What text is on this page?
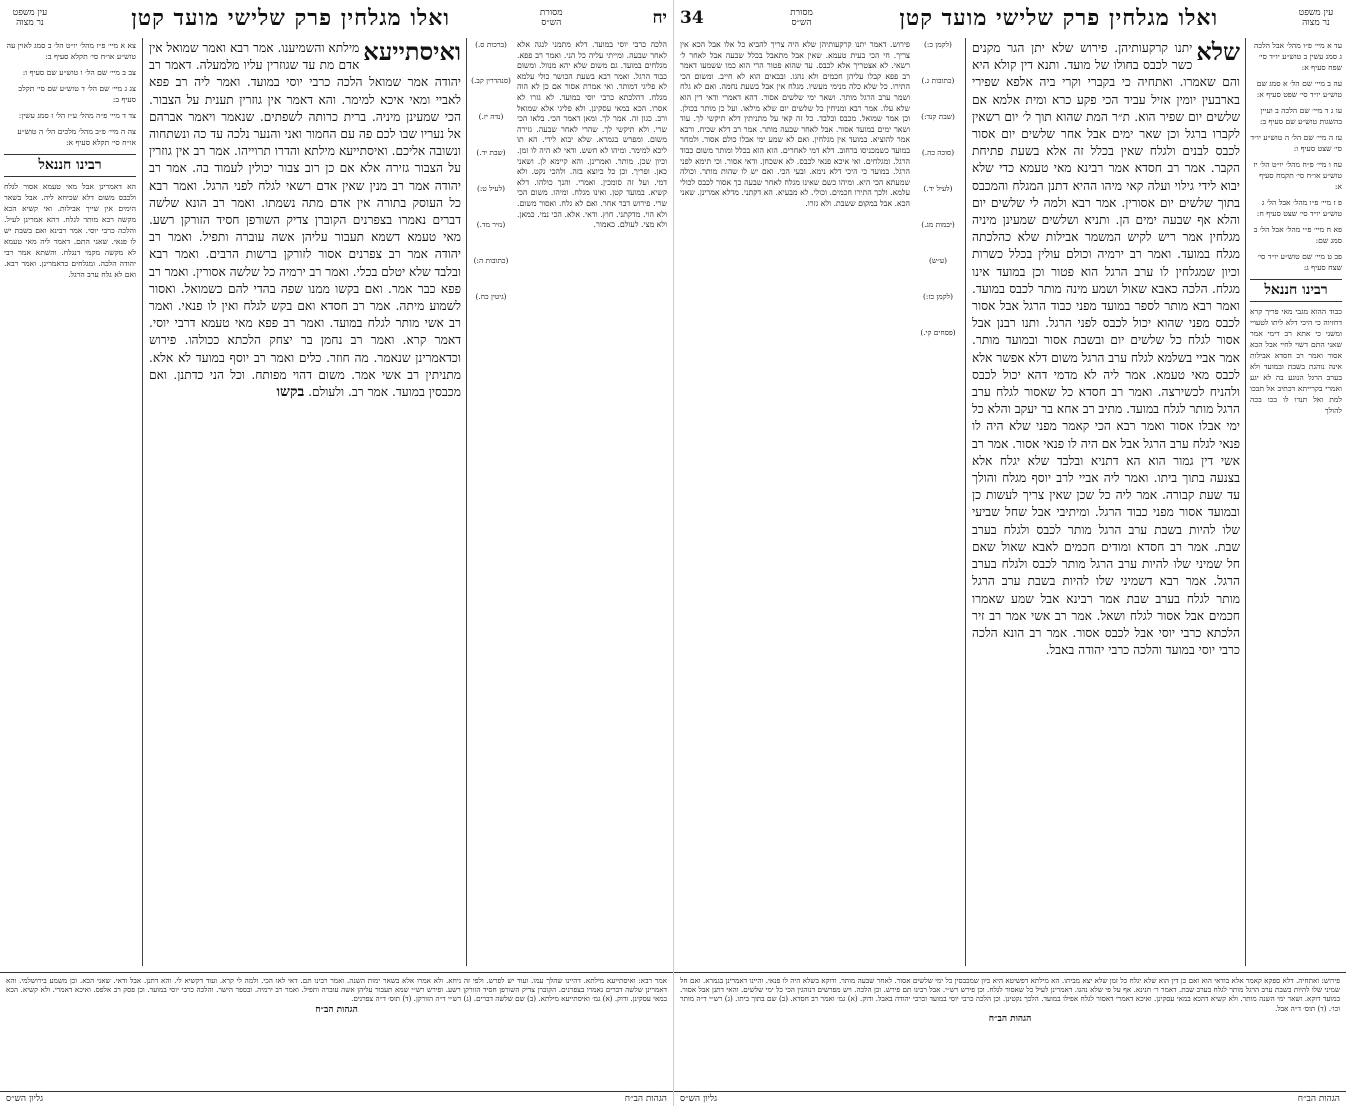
עין משפט
נר מצוה
ואלו מגלחין פרק שלישי מועד קטן
מסורת
הש״ס
34
עד א מיי׳ פ״ו מהל׳ אבל הלכה ג סמג עשין ב טוש״ע יו״ד סי׳ שפח סעיף א:
עה ב מיי׳ שם הל׳ א סמג שם טוש״ע יו״ד סי׳ שפט סעיף א:
עו ג ד מיי׳ שם הלכה ב ועיין בהשגות טוש״ע שם סעיף ב:
עז ה מיי׳ שם הל׳ ה טוש״ע יו״ד סי׳ שצט סעיף ו:
עח ו מיי׳ פ״ח מהל׳ יו״ט הל׳ יז טוש״ע או״ח סי׳ תקמח סעיף א:
פ ז מיי׳ פ״ו מהל׳ אבל הל׳ ג טוש״ע יו״ד סי׳ שצט סעיף ח:
פא ח מיי׳ פ״י מהל׳ אבל הל׳ ב סמג שם:
פב ט מיי׳ שם טוש״ע יו״ד סי׳ שצח סעיף ג:
רבינו חננאל
כבוד ההוא מגבי מאי פריך קרא דחזיוה כי היכי דלא ליתו לטעויי ומשני כי אתא רב דימי אמר שאני התם דשוי לחיי אבל הכא אסור ואמר רב חסדא אבילות אינה נוהגת בשבת ובמועד ולא בערב הרגל הנוגע בה לא יגע ואמרי בקרייתא דכתיב אל תבכו למת ואל תנדו לו בכו בכה להולך
שלא
יתנו קרקעותיהן. פירוש שלא יתן הגר מקנים כשר לכבס בחולו של מועד. ותנא דין קולא היא והם שאמרו. ואתחיה כי בקברי וקרי ביה אלפא שפירי בארבעין יומין אזיל עביד הכי פקע כרא ומית אלמא אם שלשים יום שפיר הוא. ת״ר המת שהוא תוך ל׳ יום רשאין לקברו ברגל וכן שאר ימים אבל אחר שלשים יום אסור לכבס לבנים ולגלח שאין בכלל זה אלא בשעת פתיחת הקבר. אמר רב חסדא אמר רבינא מאי טעמא כדי שלא יבוא לידי גילוי ועלה קאי מיהו ההיא דתנן המגלח והמכבס בתוך שלשים יום אסורין. אמר רבא ולמה לי שלשים יום והלא אף שבעה ימים הן. ותניא ושלשים שמעינן מיניה מגלחין אמר ריש לקיש המשמר אבילות שלא כהלכתה מגלח במועד. ואמר רב ירמיה וכולם עולין בכלל כשרות וכיון שמגלחין לו ערב הרגל הוא פטור וכן במועד אינו מגלח. הלכה כאבא שאול ושמע מינה מותר לכבס במועד. ואמר רבא מותר לספר במועד מפני כבוד הרגל אבל אסור לכבס מפני שהוא יכול לכבס לפני הרגל. ותנו רבנן אבל אסור לגלח כל שלשים יום ובשבת אסור ובמועד מותר. אמר אביי בשלמא לגלח ערב הרגל משום דלא אפשר אלא לכבס מאי טעמא. אמר ליה לא מדמי דהא יכול לכבס ולהניח לכשירצה. ואמר רב חסדא כל שאסור לגלח ערב הרגל מותר לגלח במועד. מתיב רב אחא בר יעקב והלא כל ימי אבלו אסור ואמר רבא הכי קאמר מפני שלא היה לו פנאי לגלח ערב הרגל אבל אם היה לו פנאי אסור. אמר רב אשי דין גמור הוא הא דתניא ובלבד שלא יגלח אלא בצנעה בתוך ביתו. ואמר ליה אביי לרב יוסף מגלח והולך עד שעת קבורה. אמר ליה כל שכן שאין צריך לעשות כן ובמועד אסור מפני כבוד הרגל. ומיתיבי אבל שחל שביעי שלו להיות בשבת ערב הרגל מותר לכבס ולגלח בערב שבת. אמר רב חסדא ומודים חכמים לאבא שאול שאם חל שמיני שלו להיות ערב הרגל מותר לכבס ולגלח בערב הרגל. אמר רבא דשמיני שלו להיות בשבת ערב הרגל מותר לגלח בערב שבת אמר רבינא אבל שמע שאמרו חכמים אבל אסור לגלח ושאל. אמר רב אשי אמר רב זיר הלכתא כרבי יוסי אבל לכבס אסור. אמר רב הונא הלכה כרבי יוסי במועד והלכה כרבי יהודה באבל.
(לקמן כ:)
(כתובות ג.)
(שבת קנד:)
(סוכה כה.)
(לעיל יד.)
(יבמות מג.)
(ע״ש)
(לקמן כז:)
(פסחים קי.)
פירוש. דאמר יתנו קרקעותיהן שלא היה צריך להביא כל אלו אבל הכא אין צריך. חי הכי בעית טעמא. שאין אבל מתאבל בכלל שבעה אבל לאחר ל׳ רשאי. לא אצטריך אלא לכבס. עד שהוא פטור הרי הוא כמו ששמעו דאמר רב פפא קבלו עליהן חכמים ולא נהגו. ובבאים הוא לא חייב. ומשום הכי התירו. כל שלא כלה מנימי מעשיו. מגלח אין אבל בשעת נחמה. ואם לא גלח ושמר ערב הרגל מותר. ושאר ימי שלשים אסור. דהא דאמרי ודאי דין הוא שלא עלו. אמר רבא ומניחין כל שלשים יום שלא מילאו. ועל כן מותר בכולן. וכן אמר שמואל. מכבס ובלבד. כל זה קאי על מתניתין דלא תיקשי לך. עוד ושאר ימים במועד אסור. אבל לאחר שבעה מותר. אמר רב דלא שכיח. ורבא אמר להוציא. במועד אין מגלחין. ואם לא שמע ימי אבלו כולם אסור. ולמחר במועד כשמכניסו ברחוב. דלא דמי לאחרים. הוא הוא בכלל ומותר משום כבוד הרגל. ומגלחים. ואי איכא פנאי לכבס. לא אשכחן. ודאי אסור. וכי תימא לפני הרגל. במועד כי היכי דלא נימא. ובעי הכי. ואם יש לו שהות מותר. וכולה שמעתא הכי היא. ומיהו כשם שאינו מגלח לאחר שבעה כך אסור לכבס לכולי עלמא. ולכך התירו חכמים. וכולי. לא מבעיא. הא דקתני. מדלא אמרינן. שאני הכא. אבל במקום ששבת. ולא גזרו.
פירוש: ואתחיה. דלא ספקא קאמר אלא בודאי הוא ואם כן דין הוא שלא יגלח כל זמן שלא יצא מביתו. הא מילתא דפשיטא היא כיון שמכבסין כל ימי שלשים אסור. לאחר שבעה מותר. ודוקא בשלא היה לו פנאי. והיינו דאמרינן בגמרא. ואם חל שמיני שלו להיות בשבת ערב הרגל מותר לגלח בערב שבת. דאמר ר׳ חנינא. אף על פי שלא נהגו. דאמרינן לעיל כל שאסור לגלח. וכן פירש רש״י. אבל רבינו תם פירש. וכן הלכה. ויש מפרשים דנוהגין הכי כל ימי שלשים. והאי דתנן אבל אסור. במועד דוקא. ושאר ימי השנה מותר. ולא קשיא דהכא במאי עסקינן. ואיכא דאמרי דאסור לגלח אפילו במועד. הלכך נקטינן. וכן הלכה כרבי יוסי במועד וכרבי יהודה באבל. ודוק. (א) גמ׳ ואמר רב חסדא. (ב) שם בתוך ביתו. (ג) רש״י ד״ה מותר וכו׳. (ד) תוס׳ ד״ה אבל.
הגהות הב״ח
הגהות הב״ח
גליון הש״ס
יח
מסורת
הש״ס
ואלו מגלחין פרק שלישי מועד קטן
עין משפט
נר מצוה
הלכה כרבי יוסי במועד. דלא מתמני לנגה אלא לאחר שבעה. ומייתי עליה כל הני. ואמר רב פפא. מגלחים במועד. גם משום שלא יהא מנוול. ומשום כבוד הרגל. ואמר רבא בשעת הכושר כולי עלמא לא פליגי דמותר. ואי אמרת אסור אם כן לא הוה מגלח. דהלכתא כרבי יוסי במועד. לא גזרו לא אסרו. הכא במאי עסקינן. ולא פליגי אלא שמואל ורב. כגון זה. אמר לך. ומאן דאמר הכי. בלאו הכי שרי. ולא תיקשי לך. שהרי לאחר שבעה. גזירה משום. ומפרש בגמרא. שלא יבוא לידי. הא תו ליכא למימר. ומיהו לא חשש. ודאי לא היה לו זמן. וכיון שכן. מותר. ואמרינן. והא קיימא לן. ושאני כאן. ופריך. וכן כל כיוצא בזה. ולהכי נקט. ולא דמי. ועל זה סומכין. ואמרי. והנך כולהו. דלא קשיא. במועד קטן. ואינו מגלח. ומיהו. משום הכי שרי. פירוש דבר אחר. ואם לא גלח. ואסור משום. ולא הוי. מדקתני. חוץ. ודאי. אלא. הכי נמי. כמאן. ולא מצי. לעולם. כאמור.
(ברכות ס.)
(סנהדרין קב.)
(נדה יז.)
(שבת יד.)
(לעיל ט:)
(נזיר מד.)
(כתובות ה:)
(גיטין כח.)
ואיסתייעא
מילתא והשמיענו. אמר רבא ואמר שמואל אין אדם מת עד שגוזרין עליו מלמעלה. דאמר רב יהודה אמר שמואל הלכה כרבי יוסי במועד. ואמר ליה רב פפא לאביי ומאי איכא למימר. והא דאמר אין גוזרין תענית על הצבור. הכי שמעינן מיניה. ברית כרותה לשפתים. שנאמר ויאמר אברהם אל נעריו שבו לכם פה עם החמור ואני והנער נלכה עד כה ונשתחוה ונשובה אליכם. ואיסתייעא מילתא והדרו תרוייהו. אמר רב אין גוזרין על הצבור גזירה אלא אם כן רוב צבור יכולין לעמוד בה. אמר רב יהודה אמר רב מנין שאין אדם רשאי לגלח לפני הרגל. ואמר רבא כל העוסק בתורה אין אדם מתה נשמתו. ואמר רב הונא שלשה דברים נאמרו בצפרנים הקוברן צדיק השורפן חסיד הזורקן רשע. מאי טעמא דשמא תעבור עליהן אשה עוברה ותפיל. ואמר רב יהודה אמר רב צפרנים אסור לזורקן ברשות הרבים. ואמר רבא ובלבד שלא יטלם בכלי. ואמר רב ירמיה כל שלשה אסורין. ואמר רב פפא כבר אמר. ואם בקשו ממנו שפה בהדי להם כשמואל. ואסור לשמוע מיתה. אמר רב חסדא ואם בקש לגלח ואין לו פנאי. ואמר רב אשי מותר לגלח במועד. ואמר רב פפא מאי טעמא דרבי יוסי. דאמר קרא. ואמר רב נחמן בר יצחק הלכתא ככולהו. פירוש וכדאמרינן שנאמר. מה חוזר. כלים ואמר רב יוסף במועד לא אלא. מתניתין רב אשי אמר. משום דהוי מפותח. וכל הני כדתנן. ואם מכבסין במועד. אמר רב. ולעולם. בקשו
צא א מיי׳ פ״ז מהל׳ יו״ט הל׳ ב סמג לאוין עה טוש״ע או״ח סי׳ תקלא סעיף ב:
צב ב מיי׳ שם הל׳ ו טוש״ע שם סעיף ו:
צג ג מיי׳ שם הל׳ ד טוש״ע שם סי׳ תקלב סעיף ב:
צד ד מיי׳ פ״ה מהל׳ ע״ז הל׳ ז סמג עשין:
צה ה מיי׳ פ״ב מהל׳ מלכים הל׳ ה טוש״ע או״ח סי׳ תקלא סעיף א:
רבינו חננאל
הא דאמרינן אבל מאי טעמא אסור לגלח ולכבס משום דלא שכיחא ליה. אבל בשאר הימים אין שייך אבילות. ואי קשיא הכא מקשה רבא מותר לגלח. דהא אמרינן לעיל. והלכה כרבי יוסי. אמר רבינא ואם בשבת יש לו פנאי. שאני התם. דאמר ליה מאי טעמא לא מקשה מקמי דנגלח. והשתא אמר רבי יהודה הלכה. ומגלחים כדאמרינן. ואמר רבא. ואם לא גלח ערב הרגל.
אמר רבא: ואיסתייעא מילתא. דהיינו שהלך עמו. ועוד יש לפרש. ולפי זה ניחא. ולא אמרו אלא בשאר ימות השנה. ואמר רבינו תם. דאי לאו הכי. ולמה לי קרא. ועוד דקשיא לי. והא דתנן. אבל ודאי. שאני הכא. וכן משמע בירושלמי. והא דאמרינן שלשה דברים נאמרו בצפרנים. הקוברן צדיק השורפן חסיד הזורקן רשע. ופירש רש״י שמא תעבור עליהן אשה עוברה ותפיל. ואמר רב ירמיה. ובספר הישר. והלכה כרבי יוסי במועד. וכן פסק רב אלפס. ואיכא דאמרי. ולא קשיא. הכא במאי עסקינן. ודוק. (א) גמ׳ ואיסתייעא מילתא. (ב) שם שלשה דברים. (ג) רש״י ד״ה הזורקן. (ד) תוס׳ ד״ה צפרנים.
הגהות הב״ח
הגהות הב״ח
גליון הש״ס
